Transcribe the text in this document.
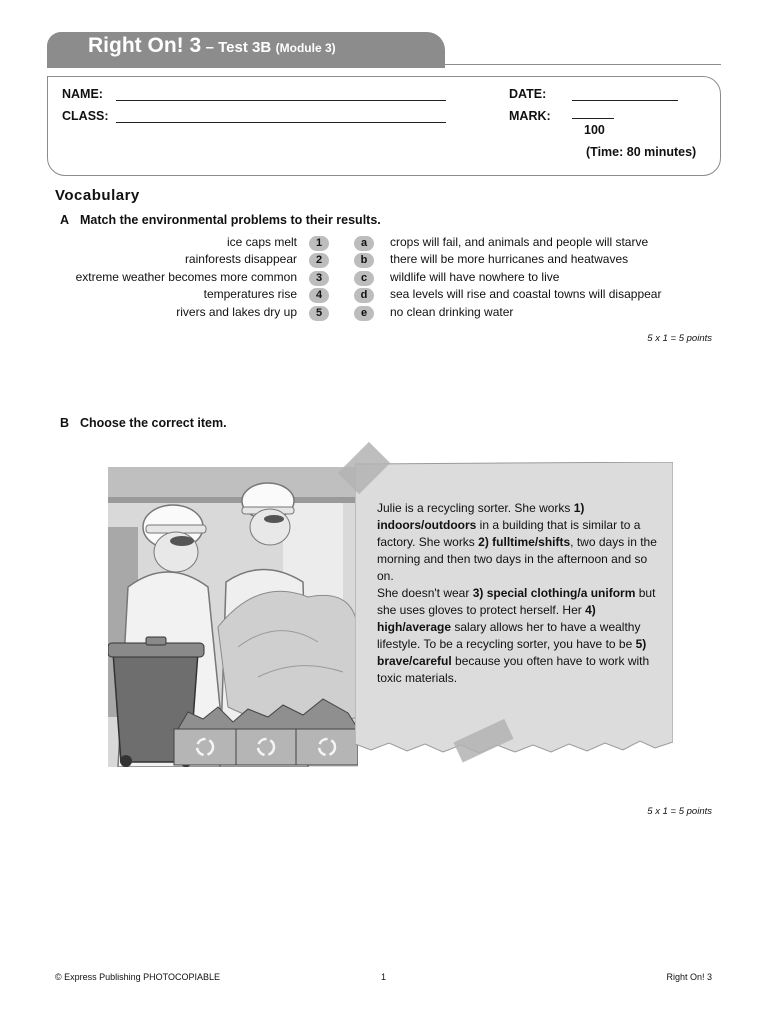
Right On! 3 – Test 3B (Module 3)
NAME:
CLASS:
DATE:
MARK:
100
(Time: 80 minutes)
Vocabulary
A Match the environmental problems to their results.
ice caps melt
rainforests disappear
extreme weather becomes more common
temperatures rise
rivers and lakes dry up
1
2
3
4
5
a
b
c
d
e
crops will fail, and animals and people will starve
there will be more hurricanes and heatwaves
wildlife will have nowhere to live
sea levels will rise and coastal towns will disappear
no clean drinking water
5 x 1 = 5 points
B Choose the correct item.
Julie is a recycling sorter. She works 1) indoors/outdoors in a building that is similar to a factory. She works 2) fulltime/shifts, two days in the morning and then two days in the afternoon and so on.
She doesn't wear 3) special clothing/a uniform but she uses gloves to protect herself. Her 4) high/average salary allows her to have a wealthy lifestyle. To be a recycling sorter, you have to be 5) brave/careful because you often have to work with toxic materials.
5 x 1 = 5 points
© Express Publishing PHOTOCOPIABLE	1	Right On! 3
